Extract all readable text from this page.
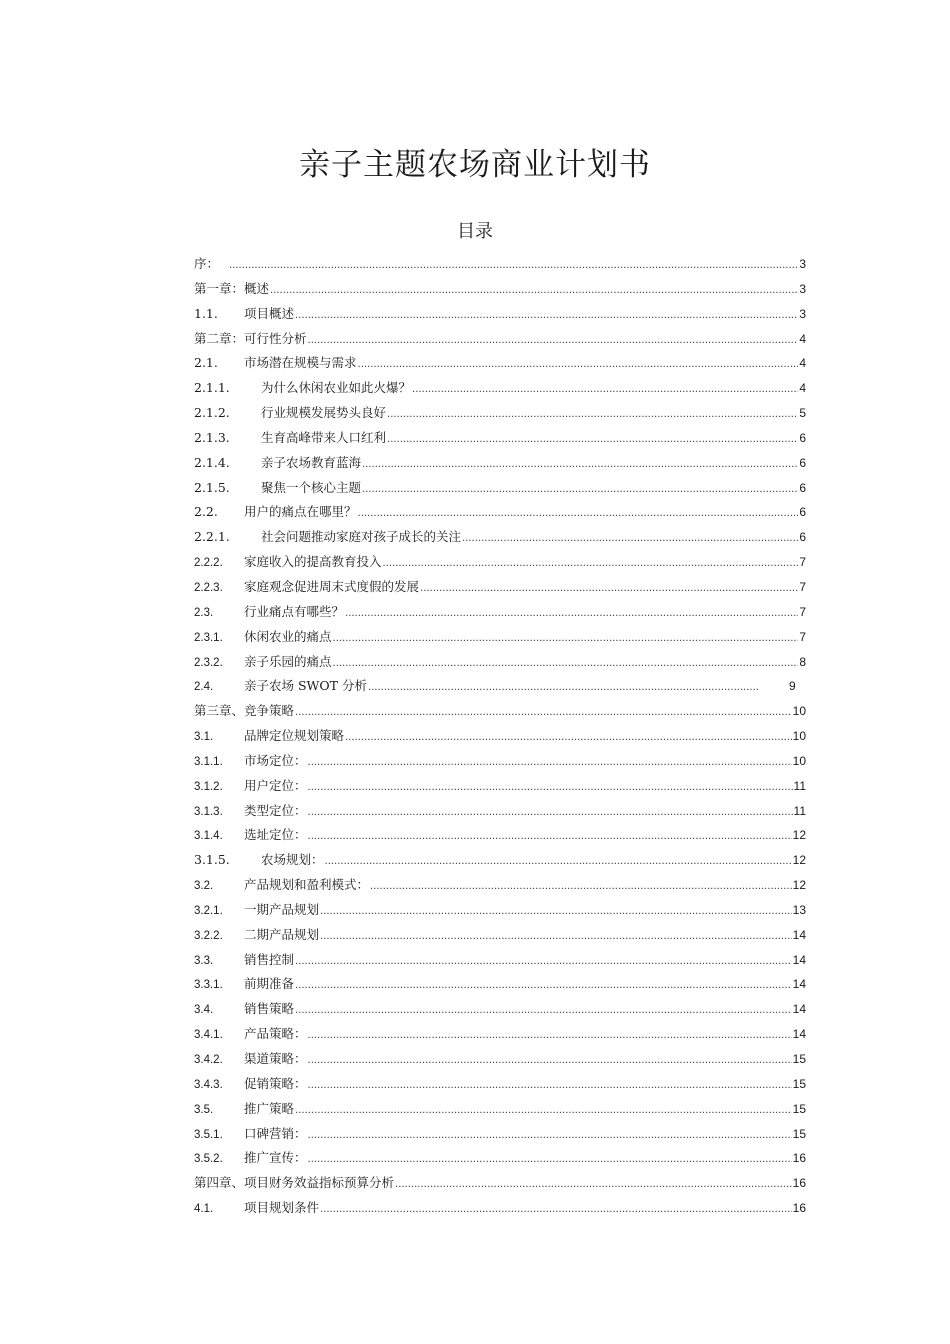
亲子主题农场商业计划书
目录
序： .....	3
第一章：概述 .....	3
1.1.	项目概述 .....	3
第二章：可行性分析 .....	4
2.1.	市场潜在规模与需求 .....	4
2.1.1.	为什么休闲农业如此火爆？ .....	4
2.1.2.	行业规模发展势头良好 .....	5
2.1.3.	生育高峰带来人口红利 .....	6
2.1.4.	亲子农场教育蓝海 .....	6
2.1.5.	聚焦一个核心主题 .....	6
2.2.	用户的痛点在哪里？ .....	6
2.2.1.	社会问题推动家庭对孩子成长的关注 .....	6
2.2.2.	家庭收入的提高教育投入 .....	7
2.2.3.	家庭观念促进周末式度假的发展 .....	7
2.3.	行业痛点有哪些？ .....	7
2.3.1.	休闲农业的痛点 .....	7
2.3.2.	亲子乐园的痛点 .....	8
2.4.	亲子农场 SWOT 分析 .....	9
第三章、竞争策略 .....	10
3.1.	品牌定位规划策略 .....	10
3.1.1.	市场定位： .....	10
3.1.2.	用户定位： .....	11
3.1.3.	类型定位： .....	11
3.1.4.	选址定位： .....	12
3.1.5.	农场规划： .....	12
3.2.	产品规划和盈利模式： .....	12
3.2.1.	一期产品规划 .....	13
3.2.2.	二期产品规划 .....	14
3.3.	销售控制 .....	14
3.3.1.	前期准备 .....	14
3.4.	销售策略 .....	14
3.4.1.	产品策略： .....	14
3.4.2.	渠道策略： .....	15
3.4.3.	促销策略： .....	15
3.5.	推广策略 .....	15
3.5.1.	口碑营销： .....	15
3.5.2.	推广宣传： .....	16
第四章、项目财务效益指标预算分析 .....	16
4.1.	项目规划条件 .....	16
